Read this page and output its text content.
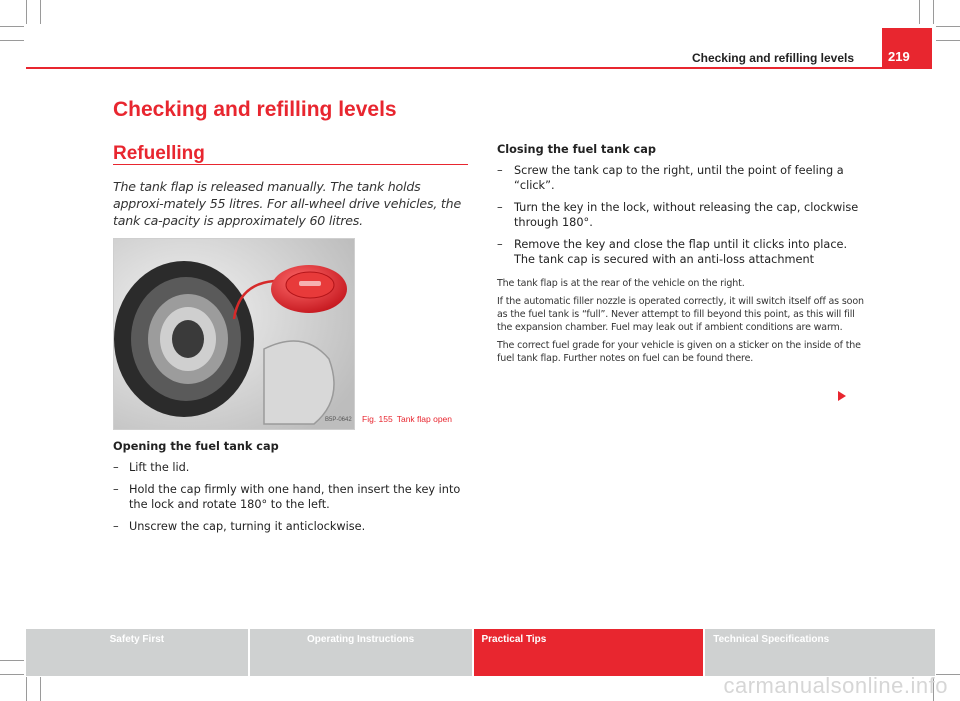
Checking and refilling levels	219
Checking and refilling levels
Refuelling

The tank flap is released manually. The tank holds approxi-mately 55 litres. For all-wheel drive vehicles, the tank ca-pacity is approximately 60 litres.

B5P-0642 Fig. 155 Tank flap open
Opening the fuel tank cap
– Lift the lid.
– Hold the cap firmly with one hand, then insert the key into the lock and rotate 180° to the left.
– Unscrew the cap, turning it anticlockwise.
Closing the fuel tank cap
– Screw the tank cap to the right, until the point of feeling a “click”.
– Turn the key in the lock, without releasing the cap, clockwise through 180°.
– Remove the key and close the flap until it clicks into place. The tank cap is secured with an anti-loss attachment

The tank flap is at the rear of the vehicle on the right.

If the automatic filler nozzle is operated correctly, it will switch itself off as soon as the fuel tank is “full”. Never attempt to fill beyond this point, as this will fill the expansion chamber. Fuel may leak out if ambient conditions are warm.

The correct fuel grade for your vehicle is given on a sticker on the inside of the fuel tank flap. Further notes on fuel can be found there.

Safety First	Operating Instructions	Practical Tips	Technical Specifications
carmanualsonline.info
